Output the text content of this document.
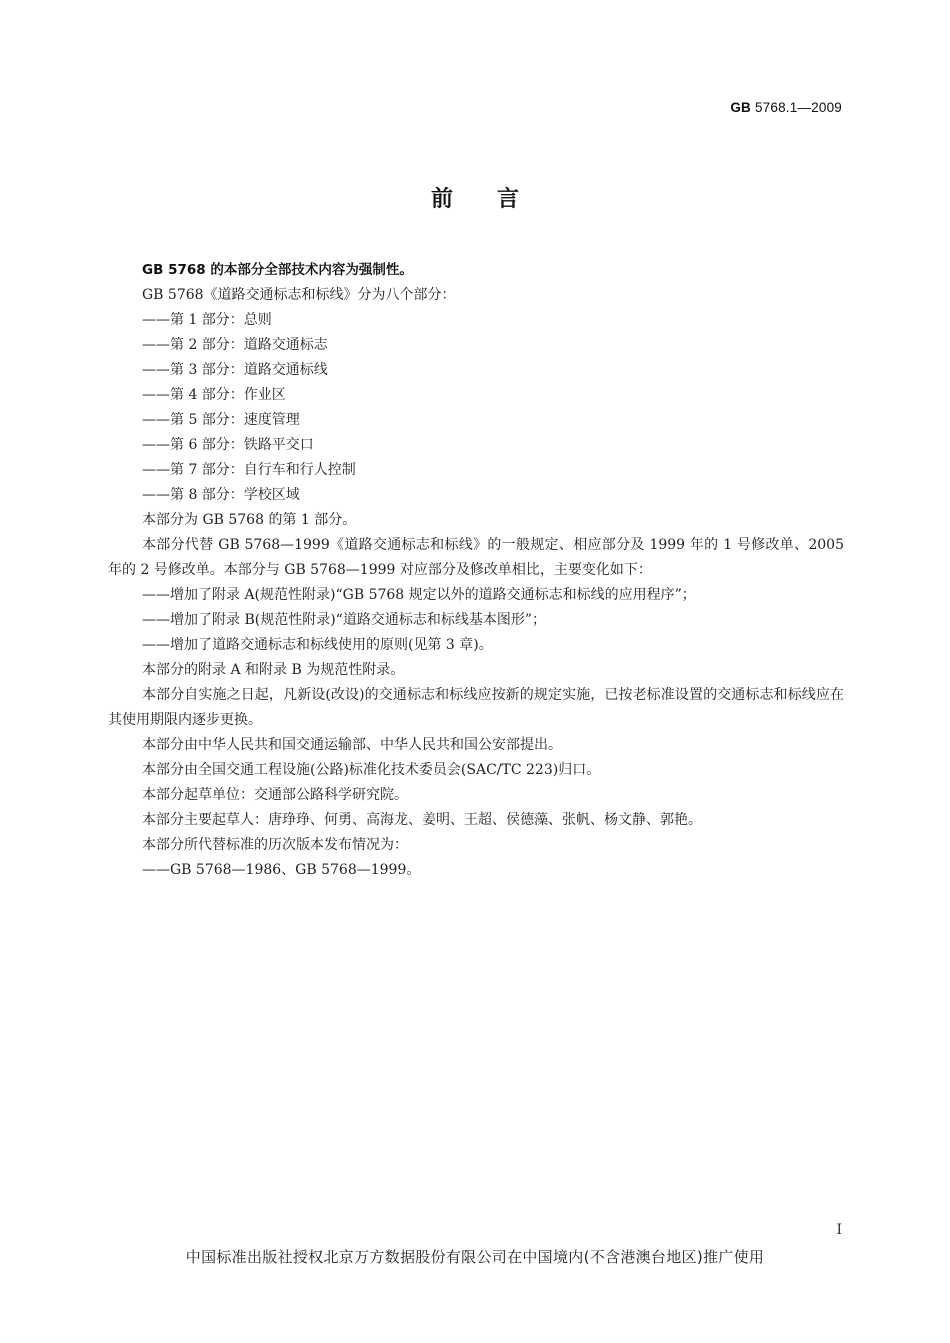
GB 5768.1—2009
前言

GB 5768 的本部分全部技术内容为强制性。

GB 5768《道路交通标志和标线》分为八个部分：

——第 1 部分：总则

——第 2 部分：道路交通标志

——第 3 部分：道路交通标线

——第 4 部分：作业区

——第 5 部分：速度管理

——第 6 部分：铁路平交口

——第 7 部分：自行车和行人控制

——第 8 部分：学校区域

本部分为 GB 5768 的第 1 部分。

本部分代替 GB 5768—1999《道路交通标志和标线》的一般规定、相应部分及 1999 年的 1 号修改单、2005 年的 2 号修改单。本部分与 GB 5768—1999 对应部分及修改单相比，主要变化如下：

——增加了附录 A(规范性附录)“GB 5768 规定以外的道路交通标志和标线的应用程序”；

——增加了附录 B(规范性附录)“道路交通标志和标线基本图形”；

——增加了道路交通标志和标线使用的原则(见第 3 章)。

本部分的附录 A 和附录 B 为规范性附录。

本部分自实施之日起，凡新设(改设)的交通标志和标线应按新的规定实施，已按老标准设置的交通标志和标线应在其使用期限内逐步更换。

本部分由中华人民共和国交通运输部、中华人民共和国公安部提出。

本部分由全国交通工程设施(公路)标准化技术委员会(SAC/TC 223)归口。

本部分起草单位：交通部公路科学研究院。

本部分主要起草人：唐琤琤、何勇、高海龙、姜明、王超、侯德藻、张帆、杨文静、郭艳。

本部分所代替标准的历次版本发布情况为：

——GB 5768—1986、GB 5768—1999。

I
中国标准出版社授权北京万方数据股份有限公司在中国境内(不含港澳台地区)推广使用
